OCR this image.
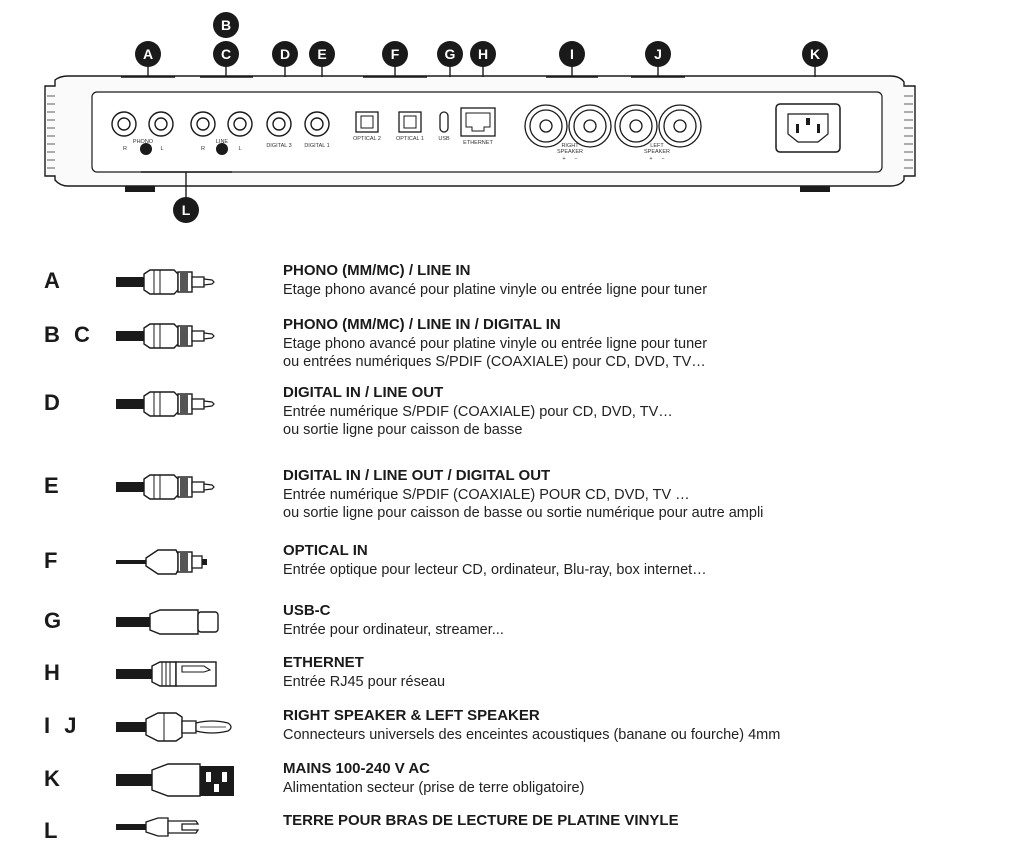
PHONO	LINE
DIGITAL 3 DIGITAL 1
OPTICAL 2	OPTICAL 1	USB
ETHERNET	RIGHT
SPEAKER
LEFT
SPEAKER
R	L	R	L
+ −	+ −
A
B
C	D E	F	G H	I	J	K
L
A	PHONO (MM/MC) / LINE IN
Etage phono avancé pour platine vinyle ou entrée ligne pour tuner
B C	PHONO (MM/MC) / LINE IN / DIGITAL IN
Etage phono avancé pour platine vinyle ou entrée ligne pour tuner
ou entrées numériques S/PDIF (COAXIALE) pour CD, DVD, TV…
D	DIGITAL IN / LINE OUT
Entrée numérique S/PDIF (COAXIALE) pour CD, DVD, TV…
ou sortie ligne pour caisson de basse
E	DIGITAL IN / LINE OUT / DIGITAL OUT
Entrée numérique S/PDIF (COAXIALE) POUR CD, DVD, TV …
ou sortie ligne pour caisson de basse ou sortie numérique pour autre ampli
F	OPTICAL IN
Entrée optique pour lecteur CD, ordinateur, Blu-ray, box internet…
G	USB-C
Entrée pour ordinateur, streamer...
H	ETHERNET
Entrée RJ45 pour réseau
I J	RIGHT SPEAKER & LEFT SPEAKER
Connecteurs universels des enceintes acoustiques (banane ou fourche) 4mm
K	MAINS 100-240 V AC
Alimentation secteur (prise de terre obligatoire)
L	TERRE POUR BRAS DE LECTURE DE PLATINE VINYLE
